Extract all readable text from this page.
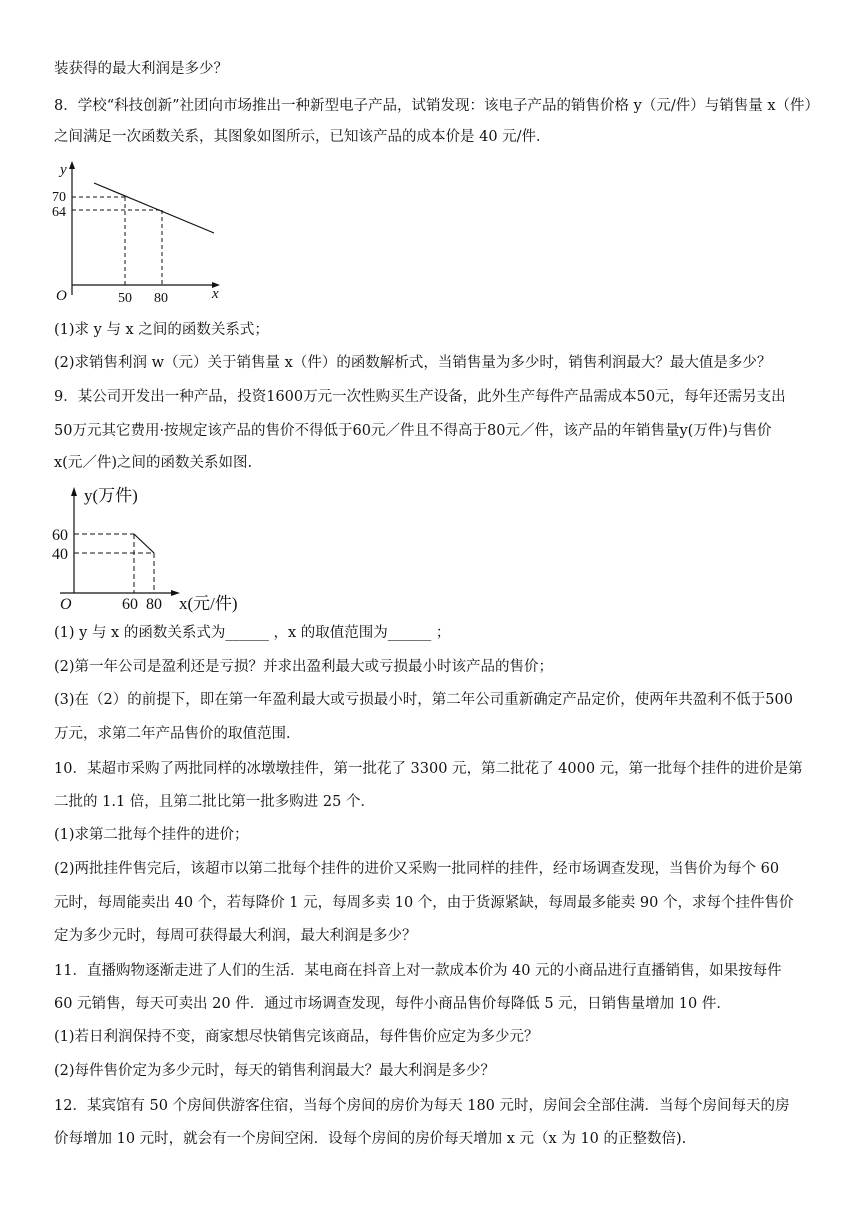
装获得的最大利润是多少？
8．学校“科技创新”社团向市场推出一种新型电子产品，试销发现：该电子产品的销售价格 y（元/件）与销售量 x（件）
之间满足一次函数关系，其图象如图所示，已知该产品的成本价是 40 元/件．
y
70
64
O	50 80	x
(1)求 y 与 x 之间的函数关系式；
(2)求销售利润 w（元）关于销售量 x（件）的函数解析式，当销售量为多少时，销售利润最大？最大值是多少？
9．某公司开发出一种产品，投资1600万元一次性购买生产设备，此外生产每件产品需成本50元，每年还需另支出
50万元其它费用·按规定该产品的售价不得低于60元／件且不得高于80元／件，该产品的年销售量y(万件)与售价
x(元／件)之间的函数关系如图.
y(万件)
60
40
O	60 80 x(元/件)
(1) y 与 x 的函数关系式为______ ，x 的取值范围为______ ；
(2)第一年公司是盈利还是亏损？并求出盈利最大或亏损最小时该产品的售价；
(3)在（2）的前提下，即在第一年盈利最大或亏损最小时，第二年公司重新确定产品定价，使两年共盈利不低于500
万元，求第二年产品售价的取值范围．
10．某超市采购了两批同样的冰墩墩挂件，第一批花了 3300 元，第二批花了 4000 元，第一批每个挂件的进价是第
二批的 1.1 倍，且第二批比第一批多购进 25 个．
(1)求第二批每个挂件的进价；
(2)两批挂件售完后，该超市以第二批每个挂件的进价又采购一批同样的挂件，经市场调查发现，当售价为每个 60
元时，每周能卖出 40 个，若每降价 1 元，每周多卖 10 个，由于货源紧缺，每周最多能卖 90 个，求每个挂件售价
定为多少元时，每周可获得最大利润，最大利润是多少？
11．直播购物逐渐走进了人们的生活．某电商在抖音上对一款成本价为 40 元的小商品进行直播销售，如果按每件
60 元销售，每天可卖出 20 件．通过市场调查发现，每件小商品售价每降低 5 元，日销售量增加 10 件．
(1)若日利润保持不变，商家想尽快销售完该商品，每件售价应定为多少元？
(2)每件售价定为多少元时，每天的销售利润最大？最大利润是多少？
12．某宾馆有 50 个房间供游客住宿，当每个房间的房价为每天 180 元时，房间会全部住满．当每个房间每天的房
价每增加 10 元时，就会有一个房间空闲．设每个房间的房价每天增加 x 元（x 为 10 的正整数倍).
